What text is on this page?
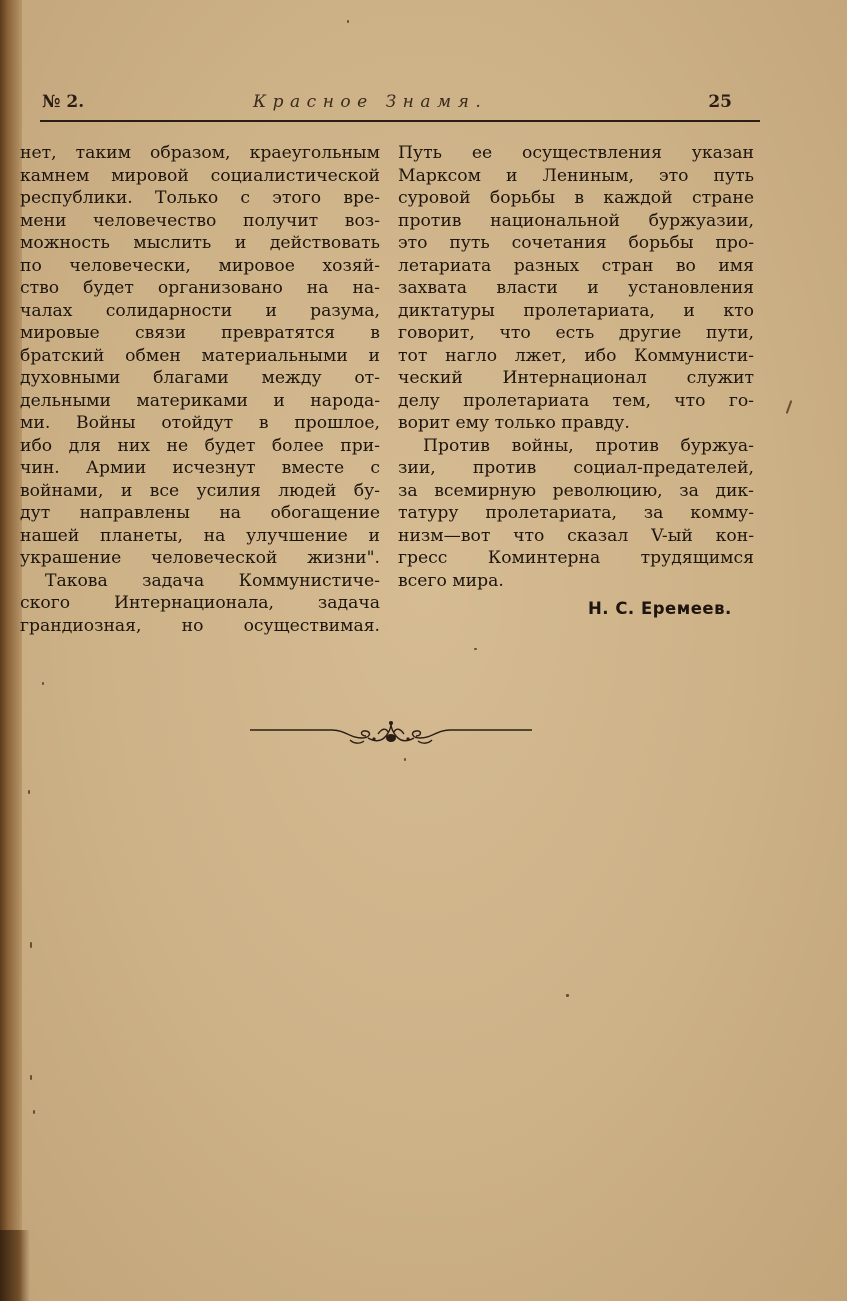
№ 2.	Красное Знамя.	25
нет, таким образом, краеугольным
камнем мировой социалистической
республики. Только с этого вре-
мени человечество получит воз-
можность мыслить и действовать
по человечески, мировое хозяй-
ство будет организовано на на-
чалах солидарности и разума,
мировые связи превратятся в
братский обмен материальными и
духовными благами между от-
дельными материками и народа-
ми. Войны отойдут в прошлое,
ибо для них не будет более при-
чин. Армии исчезнут вместе с
войнами, и все усилия людей бу-
дут направлены на обогащение
нашей планеты, на улучшение и
украшение человеческой жизни".
Такова задача Коммунистиче-
ского Интернационала, задача
грандиозная, но осуществимая.
Путь ее осуществления указан
Марксом и Лениным, это путь
суровой борьбы в каждой стране
против национальной буржуазии,
это путь сочетания борьбы про-
летариата разных стран во имя
захвата власти и установления
диктатуры пролетариата, и кто
говорит, что есть другие пути,
тот нагло лжет, ибо Коммунисти-
ческий Интернационал служит
делу пролетариата тем, что го-
ворит ему только правду.
Против войны, против буржуа-
зии, против социал-предателей,
за всемирную революцию, за дик-
татуру пролетариата, за комму-
низм—вот что сказал V-ый кон-
гресс Коминтерна трудящимся
всего мира.
Н. С. Еремеев.
